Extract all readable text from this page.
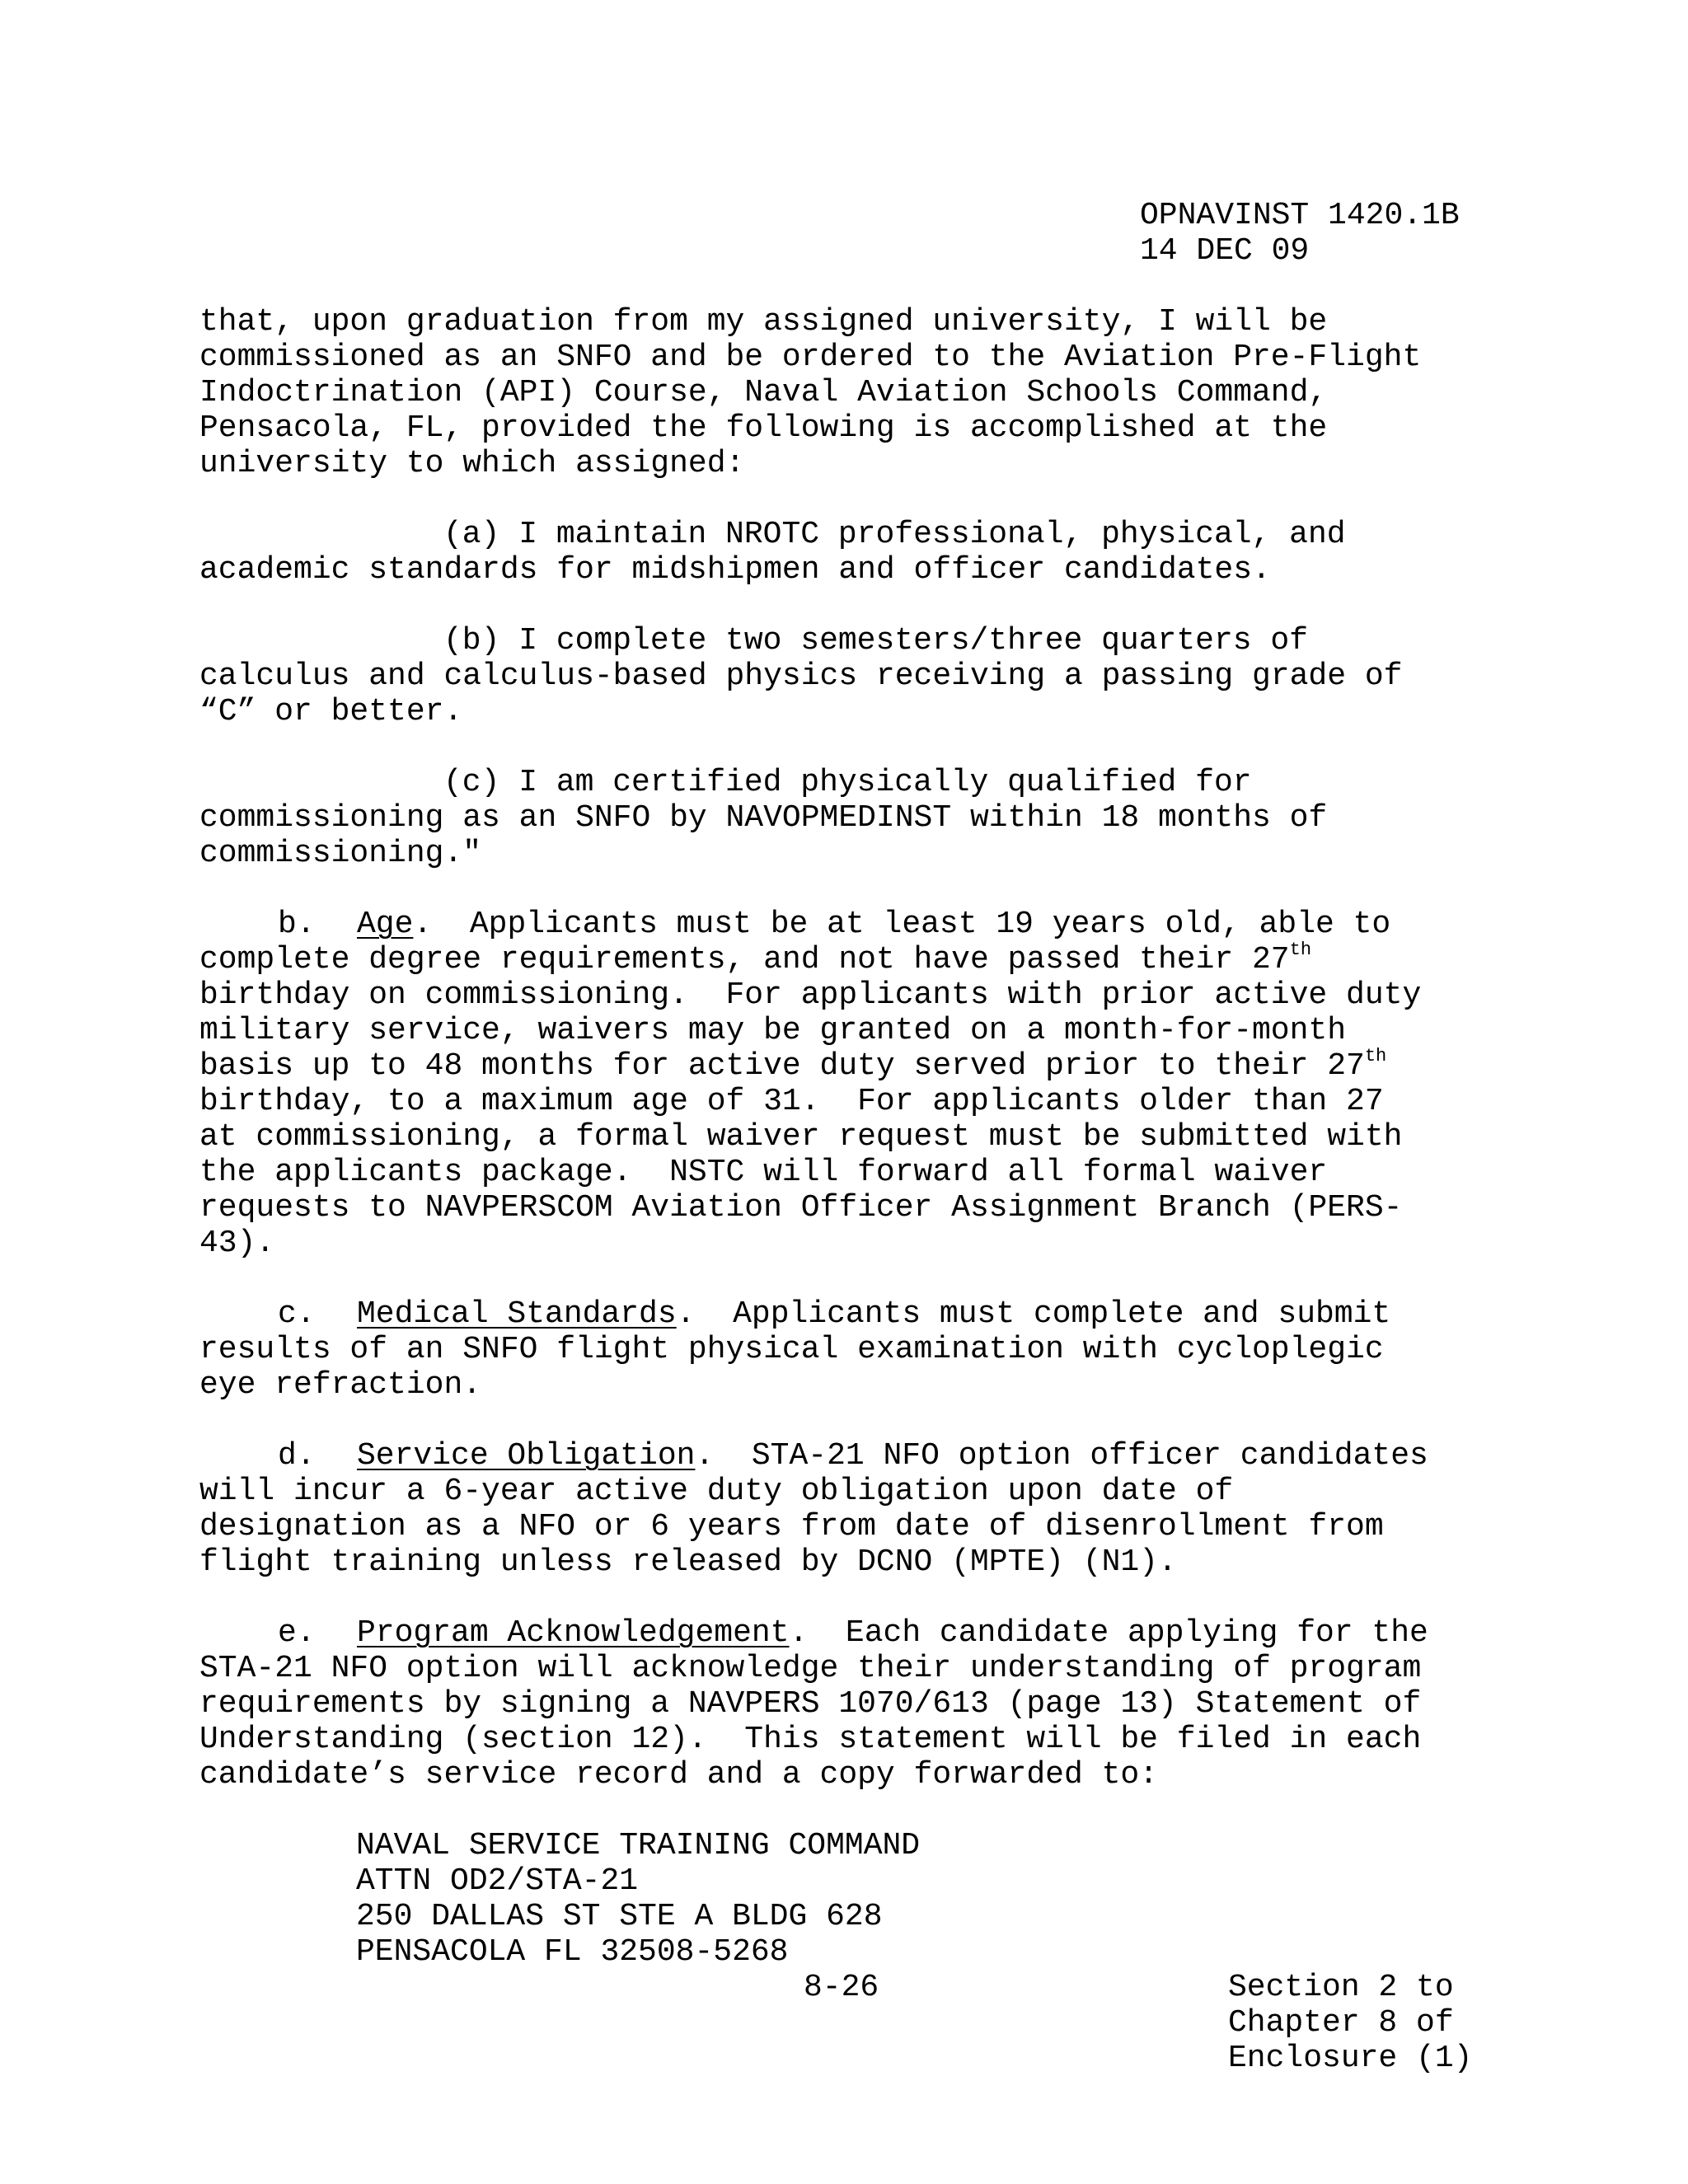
OPNAVINST 1420.1B
14 DEC 09
that, upon graduation from my assigned university, I will be
commissioned as an SNFO and be ordered to the Aviation Pre-Flight
Indoctrination (API) Course, Naval Aviation Schools Command,
Pensacola, FL, provided the following is accomplished at the
university to which assigned:
(a) I maintain NROTC professional, physical, and
academic standards for midshipmen and officer candidates.
(b) I complete two semesters/three quarters of
calculus and calculus-based physics receiving a passing grade of
“C” or better.
(c) I am certified physically qualified for
commissioning as an SNFO by NAVOPMEDINST within 18 months of
commissioning."
b. Age.  Applicants must be at least 19 years old, able to
complete degree requirements, and not have passed their 27th
birthday on commissioning.  For applicants with prior active duty
military service, waivers may be granted on a month-for-month
basis up to 48 months for active duty served prior to their 27th
birthday, to a maximum age of 31.  For applicants older than 27
at commissioning, a formal waiver request must be submitted with
the applicants package.  NSTC will forward all formal waiver
requests to NAVPERSCOM Aviation Officer Assignment Branch (PERS-
43).
c. Medical Standards.  Applicants must complete and submit
results of an SNFO flight physical examination with cycloplegic
eye refraction.
d. Service Obligation.  STA-21 NFO option officer candidates
will incur a 6-year active duty obligation upon date of
designation as a NFO or 6 years from date of disenrollment from
flight training unless released by DCNO (MPTE) (N1).
e. Program Acknowledgement.  Each candidate applying for the
STA-21 NFO option will acknowledge their understanding of program
requirements by signing a NAVPERS 1070/613 (page 13) Statement of
Understanding (section 12).  This statement will be filed in each
candidate’s service record and a copy forwarded to:
NAVAL SERVICE TRAINING COMMAND
ATTN OD2/STA-21
250 DALLAS ST STE A BLDG 628
PENSACOLA FL 32508-5268
8-26	Section 2 to
Chapter 8 of
Enclosure (1)
